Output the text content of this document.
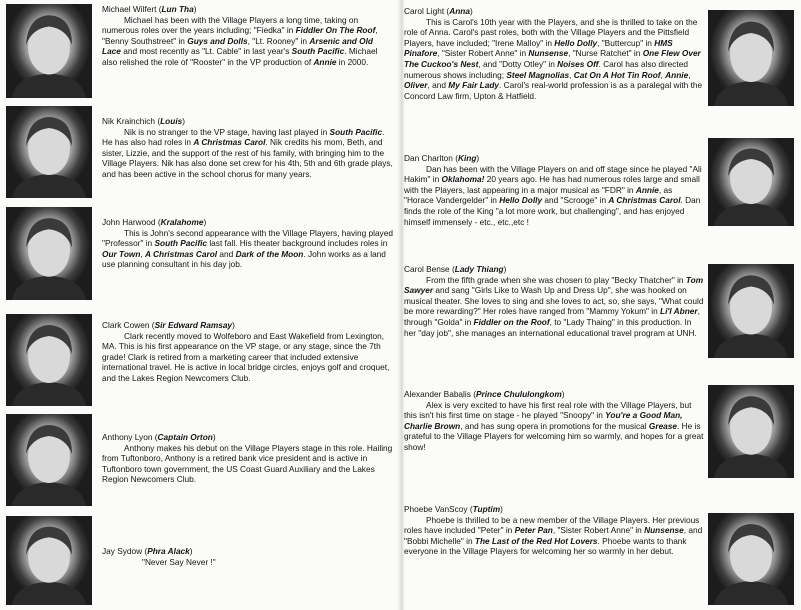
Michael Wilfert (Lun Tha)
Michael has been with the Village Players a long time, taking on numerous roles over the years including; "Fiedka" in Fiddler On The Roof, "Benny Southstreet" in Guys and Dolls, "Lt. Rooney" in Arsenic and Old Lace and most recently as "Lt. Cable" in last year's South Pacific. Michael also relished the role of "Rooster" in the VP production of Annie in 2000.
Nik Krainchich (Louis)
Nik is no stranger to the VP stage, having last played in South Pacific. He has also had roles in A Christmas Carol. Nik credits his mom, Beth, and sister, Lizzie, and the support of the rest of his family, with bringing him to the Village Players. Nik has also done set crew for his 4th, 5th and 6th grade plays, and has been active in the school chorus for many years.
John Harwood (Kralahome)
This is John's second appearance with the Village Players, having played "Professor" in South Pacific last fall. His theater background includes roles in Our Town, A Christmas Carol and Dark of the Moon. John works as a land use planning consultant in his day job.
Clark Cowen (Sir Edward Ramsay)
Clark recently moved to Wolfeboro and East Wakefield from Lexington, MA. This is his first appearance on the VP stage, or any stage, since the 7th grade! Clark is retired from a marketing career that included extensive international travel. He is active in local bridge circles, enjoys golf and croquet, and the Lakes Region Newcomers Club.
Anthony Lyon (Captain Orton)
Anthony makes his debut on the Village Players stage in this role. Hailing from Tuftonboro, Anthony is a retired bank vice president and is active in Tuftonboro town government, the US Coast Guard Auxiliary and the Lakes Region Newcomers Club.
Jay Sydow (Phra Alack)
"Never Say Never !"
Carol Light (Anna)
This is Carol's 10th year with the Players, and she is thrilled to take on the role of Anna. Carol's past roles, both with the Village Players and the Pittsfield Players, have included; "Irene Malloy" in Hello Dolly, "Buttercup" in HMS Pinafore, "Sister Robert Anne" in Nunsense, "Nurse Ratchet" in One Flew Over The Cuckoo's Nest, and "Dotty Otley" in Noises Off. Carol has also directed numerous shows including; Steel Magnolias, Cat On A Hot Tin Roof, Annie, Oliver, and My Fair Lady. Carol's real-world profession is as a paralegal with the Concord Law firm, Upton & Hatfield.
Dan Charlton (King)
Dan has been with the Village Players on and off stage since he played "Ali Hakim" in Oklahoma! 20 years ago. He has had numerous roles large and small with the Players, last appearing in a major musical as "FDR" in Annie, as "Horace Vandergelder" in Hello Dolly and "Scrooge" in A Christmas Carol. Dan finds the role of the King "a lot more work, but challenging", and has enjoyed himself immensely - etc., etc.,etc !
Carol Bense (Lady Thiang)
From the fifth grade when she was chosen to play "Becky Thatcher" in Tom Sawyer and sang "Girls Like to Wash Up and Dress Up", she was hooked on musical theater. She loves to sing and she loves to act, so, she says, "What could be more rewarding?" Her roles have ranged from "Mammy Yokum" in Li'l Abner, through "Golda" in Fiddler on the Roof, to "Lady Thaing" in this production. In her "day job", she manages an international educational travel program at UNH.
Alexander Babalis (Prince Chululongkom)
Alex is very excited to have his first real role with the Village Players, but this isn't his first time on stage - he played "Snoopy" in You're a Good Man, Charlie Brown, and has sung opera in promotions for the musical Grease. He is grateful to the Village Players for welcoming him so warmly, and hopes for a great show!
Phoebe VanScoy (Tuptim)
Phoebe is thrilled to be a new member of the Village Players. Her previous roles have included "Peter" in Peter Pan, "Sister Robert Anne" in Nunsense, and "Bobbi Michelle" in The Last of the Red Hot Lovers. Phoebe wants to thank everyone in the Village Players for welcoming her so warmly in her debut.
